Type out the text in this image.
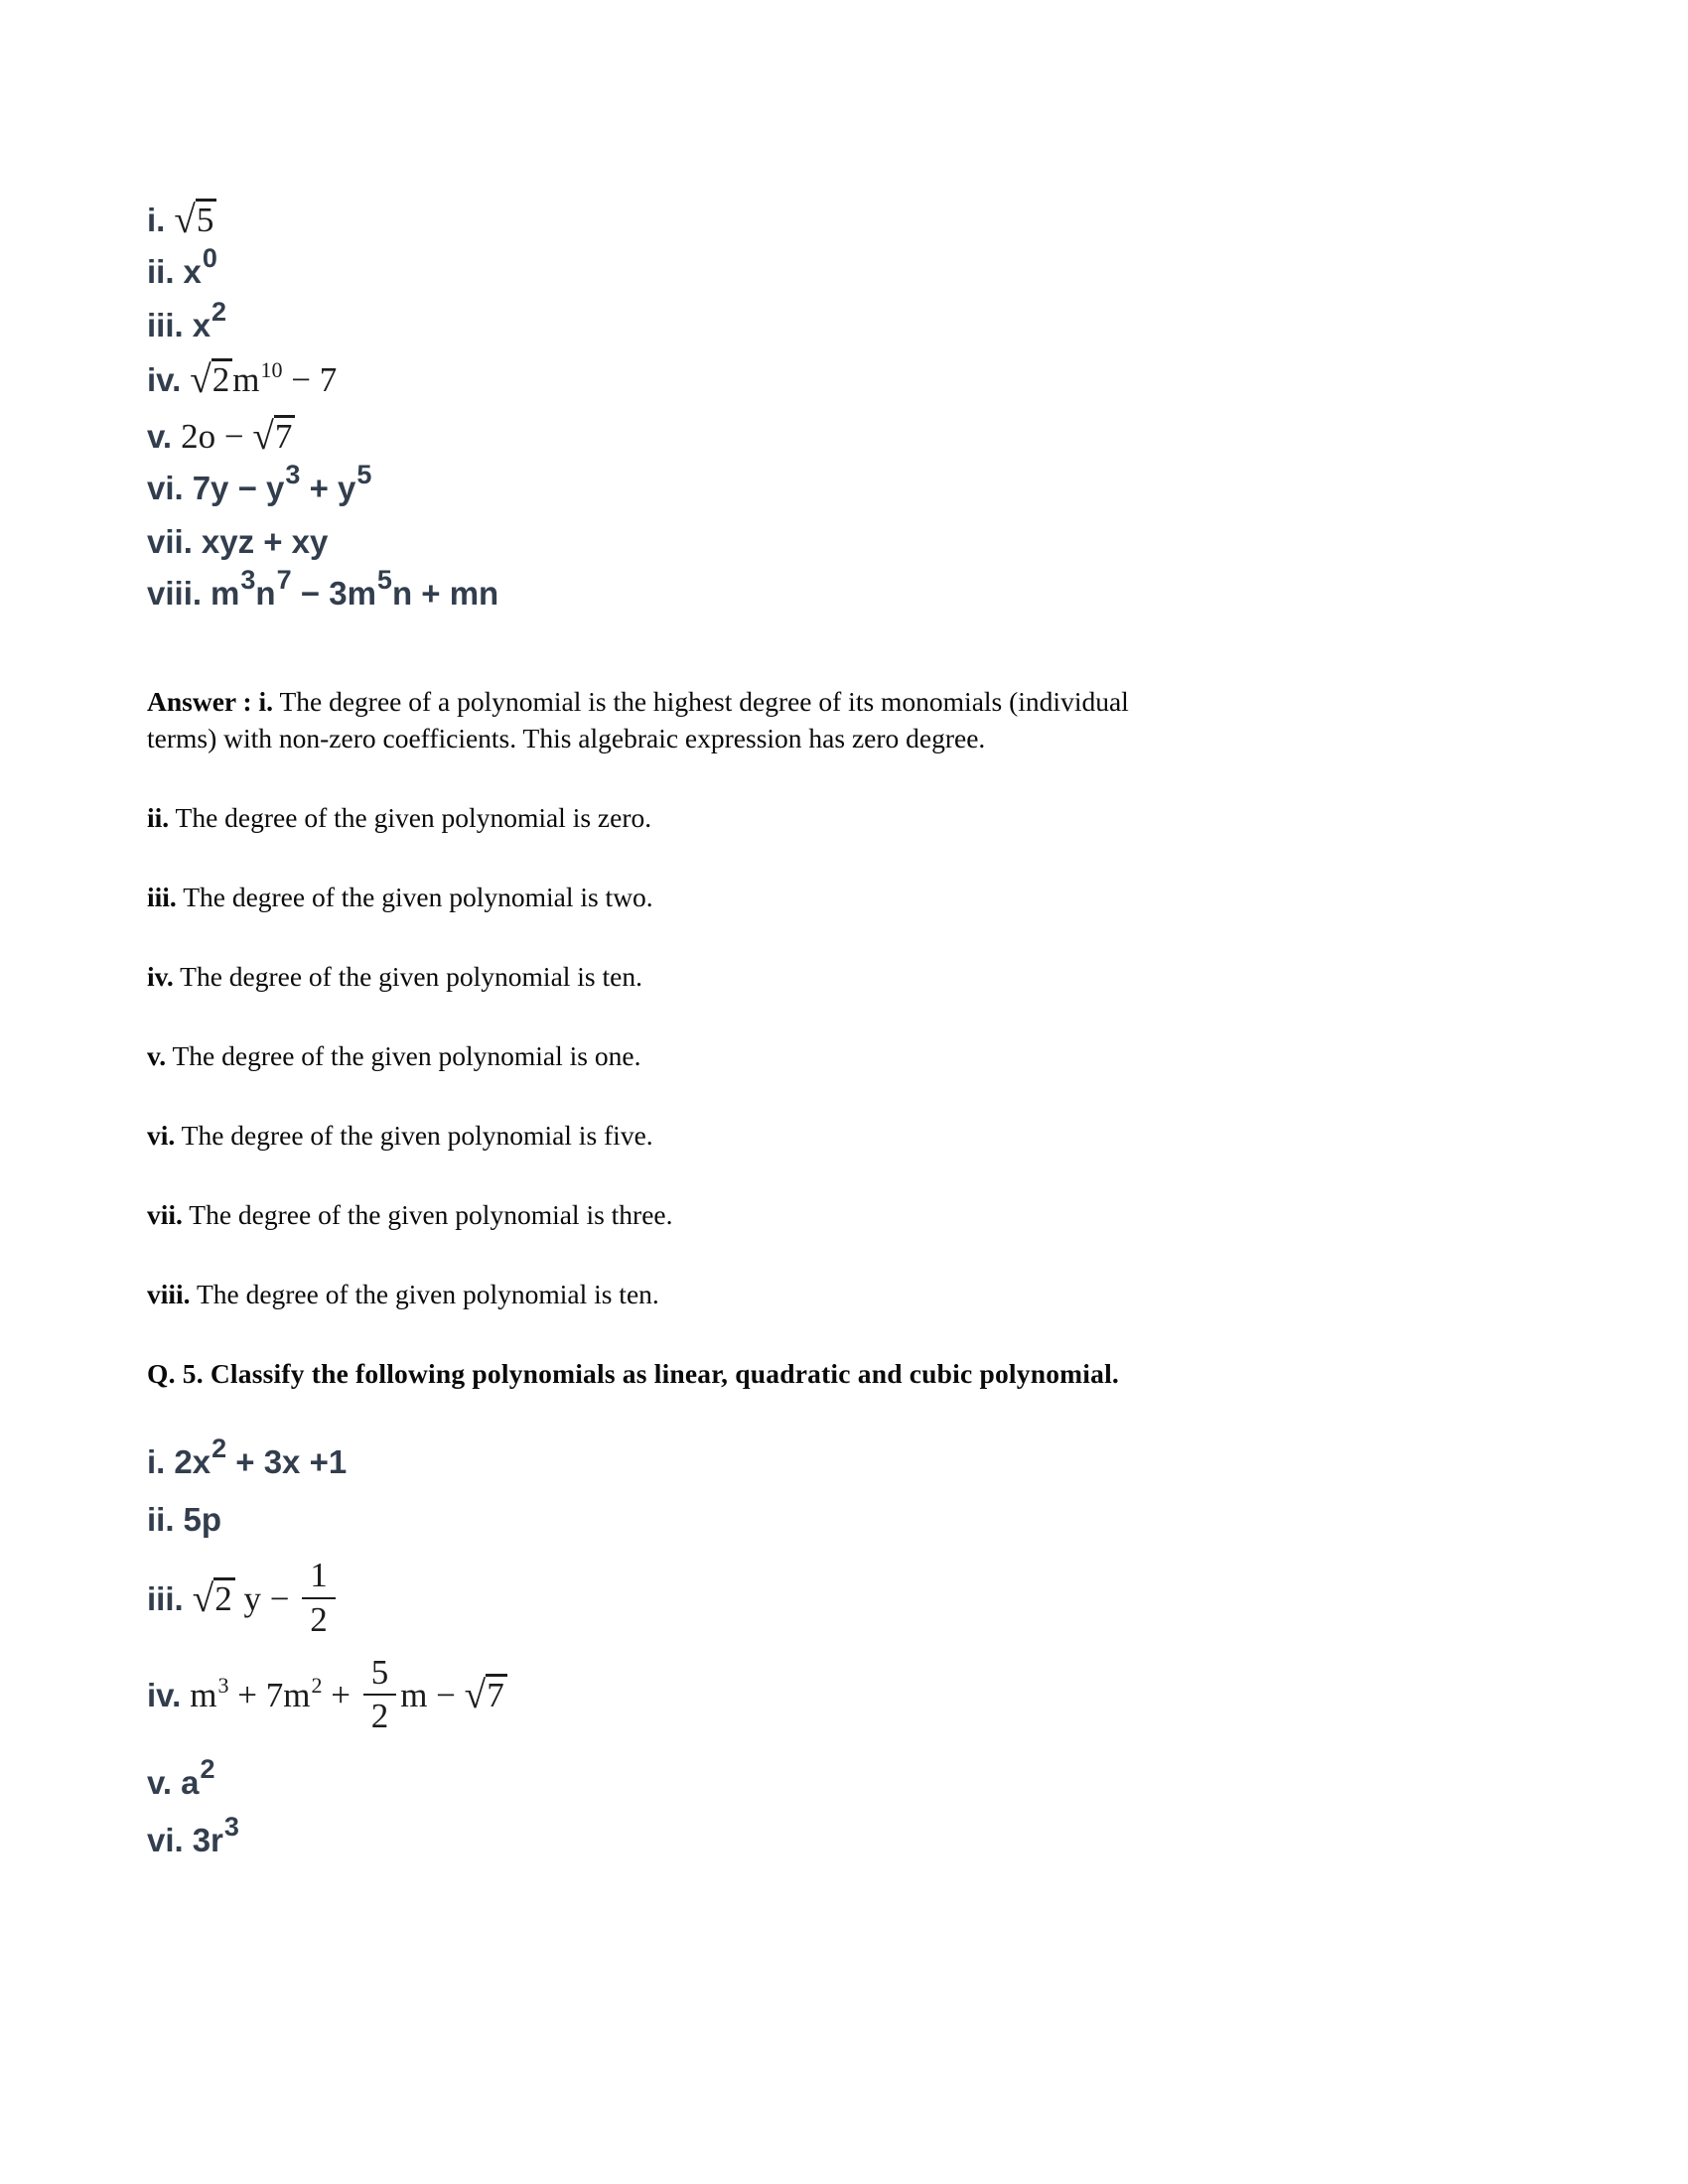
i. √5
ii. x0
iii. x2
iv. √2m10 − 7
v. 2o − √7
vi. 7y − y3 + y5
vii. xyz + xy
viii. m3n7 − 3m5n + mn

Answer : i. The degree of a polynomial is the highest degree of its monomials (individual
terms) with non-zero coefficients. This algebraic expression has zero degree.

ii. The degree of the given polynomial is zero.

iii. The degree of the given polynomial is two.

iv. The degree of the given polynomial is ten.

v. The degree of the given polynomial is one.

vi. The degree of the given polynomial is five.

vii. The degree of the given polynomial is three.

viii. The degree of the given polynomial is ten.

Q. 5. Classify the following polynomials as linear, quadratic and cubic polynomial.

i. 2x2 + 3x +1
ii. 5p
iii. √2 $y - \frac{1}{2}$
iv. $m3 + 7m2 + \frac{5}{2}$ m − √7
v. a2
vi. 3r3
